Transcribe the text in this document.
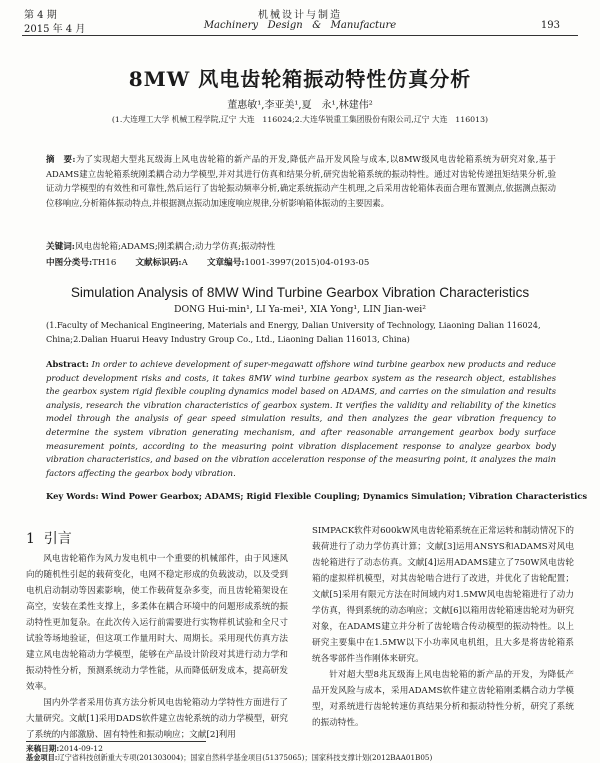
第 4 期
2015 年 4 月
机械设计与制造
Machinery   Design   &   Manufacture	193
8MW 风电齿轮箱振动特性仿真分析
董惠敏¹,李亚美¹,夏　永¹,林建伟²
(1.大连理工大学 机械工程学院,辽宁 大连　116024;2.大连华锐重工集团股份有限公司,辽宁 大连　116013)
摘　要:为了实现超大型兆瓦级海上风电齿轮箱的新产品的开发,降低产品开发风险与成本,以8MW级风电齿轮箱系统为研究对象,基于ADAMS建立齿轮箱系统刚柔耦合动力学模型,并对其进行仿真和结果分析,研究齿轮箱系统的振动特性。通过对齿轮传递扭矩结果分析,验证动力学模型的有效性和可靠性,然后运行了齿轮振动频率分析,确定系统振动产生机理,之后采用齿轮箱体表面合理布置测点,依据测点振动位移响应,分析箱体振动特点,并根据测点振动加速度响应规律,分析影响箱体振动的主要因素。
关键词:风电齿轮箱;ADAMS;刚柔耦合;动力学仿真;振动特性
中图分类号:TH16 文献标识码:A 文章编号:1001-3997(2015)04-0193-05
Simulation Analysis of 8MW Wind Turbine Gearbox Vibration Characteristics
DONG Hui-min¹, LI Ya-mei¹, XIA Yong¹, LIN Jian-wei²
(1.Faculty of Mechanical Engineering, Materials and Energy, Dalian University of Technology, Liaoning Dalian 116024,
China;2.Dalian Huarui Heavy Industry Group Co., Ltd., Liaoning Dalian 116013, China)
Abstract: In order to achieve development of super-megawatt offshore wind turbine gearbox new products and reduce product development risks and costs, it takes 8MW wind turbine gearbox system as the research object, establishes the gearbox system rigid flexible coupling dynamics model based on ADAMS, and carries on the simulation and results analysis, research the vibration characteristics of gearbox system. It verifies the validity and reliability of the kinetics model through the analysis of gear speed simulation results, and then analyzes the gear vibration frequency to determine the system vibration generating mechanism, and after reasonable arrangement gearbox body surface measurement points, according to the measuring point vibration displacement response to analyze gearbox body vibration characteristics, and based on the vibration acceleration response of the measuring point, it analyzes the main factors affecting the gearbox body vibration.
Key Words: Wind Power Gearbox; ADAMS; Rigid Flexible Coupling; Dynamics Simulation; Vibration Characteristics
1  引言
风电齿轮箱作为风力发电机中一个重要的机械部件，由于风速风向的随机性引起的载荷变化，电网不稳定形成的负载波动，以及受到电机启动制动等因素影响，使工作载荷复杂多变，而且齿轮箱架设在高空，安装在柔性支撑上，多柔体在耦合环境中的问题形成系统的振动特性更加复杂。在此次传入运行前需要进行实物样机试验和全尺寸试验等场地验证，但这项工作量用时大、周期长。采用现代仿真方法建立风电齿轮箱动力学模型，能够在产品设计阶段对其进行动力学和振动特性分析，预测系统动力学性能，从而降低研发成本，提高研发效率。
国内外学者采用仿真方法分析风电齿轮箱动力学特性方面进行了大量研究。文献[1]采用DADS软件建立齿轮系统的动力学模型，研究了系统的内部激励、固有特性和振动响应；文献[2]利用
SIMPACK软件对600kW风电齿轮箱系统在正常运转和制动情况下的载荷进行了动力学仿真计算；文献[3]运用ANSYS和ADAMS对风电齿轮箱进行了动态仿真。文献[4]运用ADAMS建立了750W风电齿轮箱的虚拟样机模型，对其齿轮啮合进行了改进，并优化了齿轮配置；文献[5]采用有限元方法在时间域内对1.5MW风电齿轮箱进行了动力学仿真，得到系统的动态响应；文献[6]以箱用齿轮箱速齿轮对为研究对象，在ADAMS建立并分析了齿轮啮合传动模型的振动特性。以上研究主要集中在1.5MW以下小功率风电机组，且大多是将齿轮箱系统各零部件当作刚体来研究。
针对超大型8兆瓦级海上风电齿轮箱的新产品的开发，为降低产品开发风险与成本，采用ADAMS软件建立齿轮箱刚柔耦合动力学模型，对系统进行齿轮转速仿真结果分析和振动特性分析，研究了系统的振动特性。
来稿日期:2014-09-12
基金项目:辽宁省科技创新重大专项(201303004)；国家自然科学基金项目(51375065)；国家科技支撑计划(2012BAA01B05)
